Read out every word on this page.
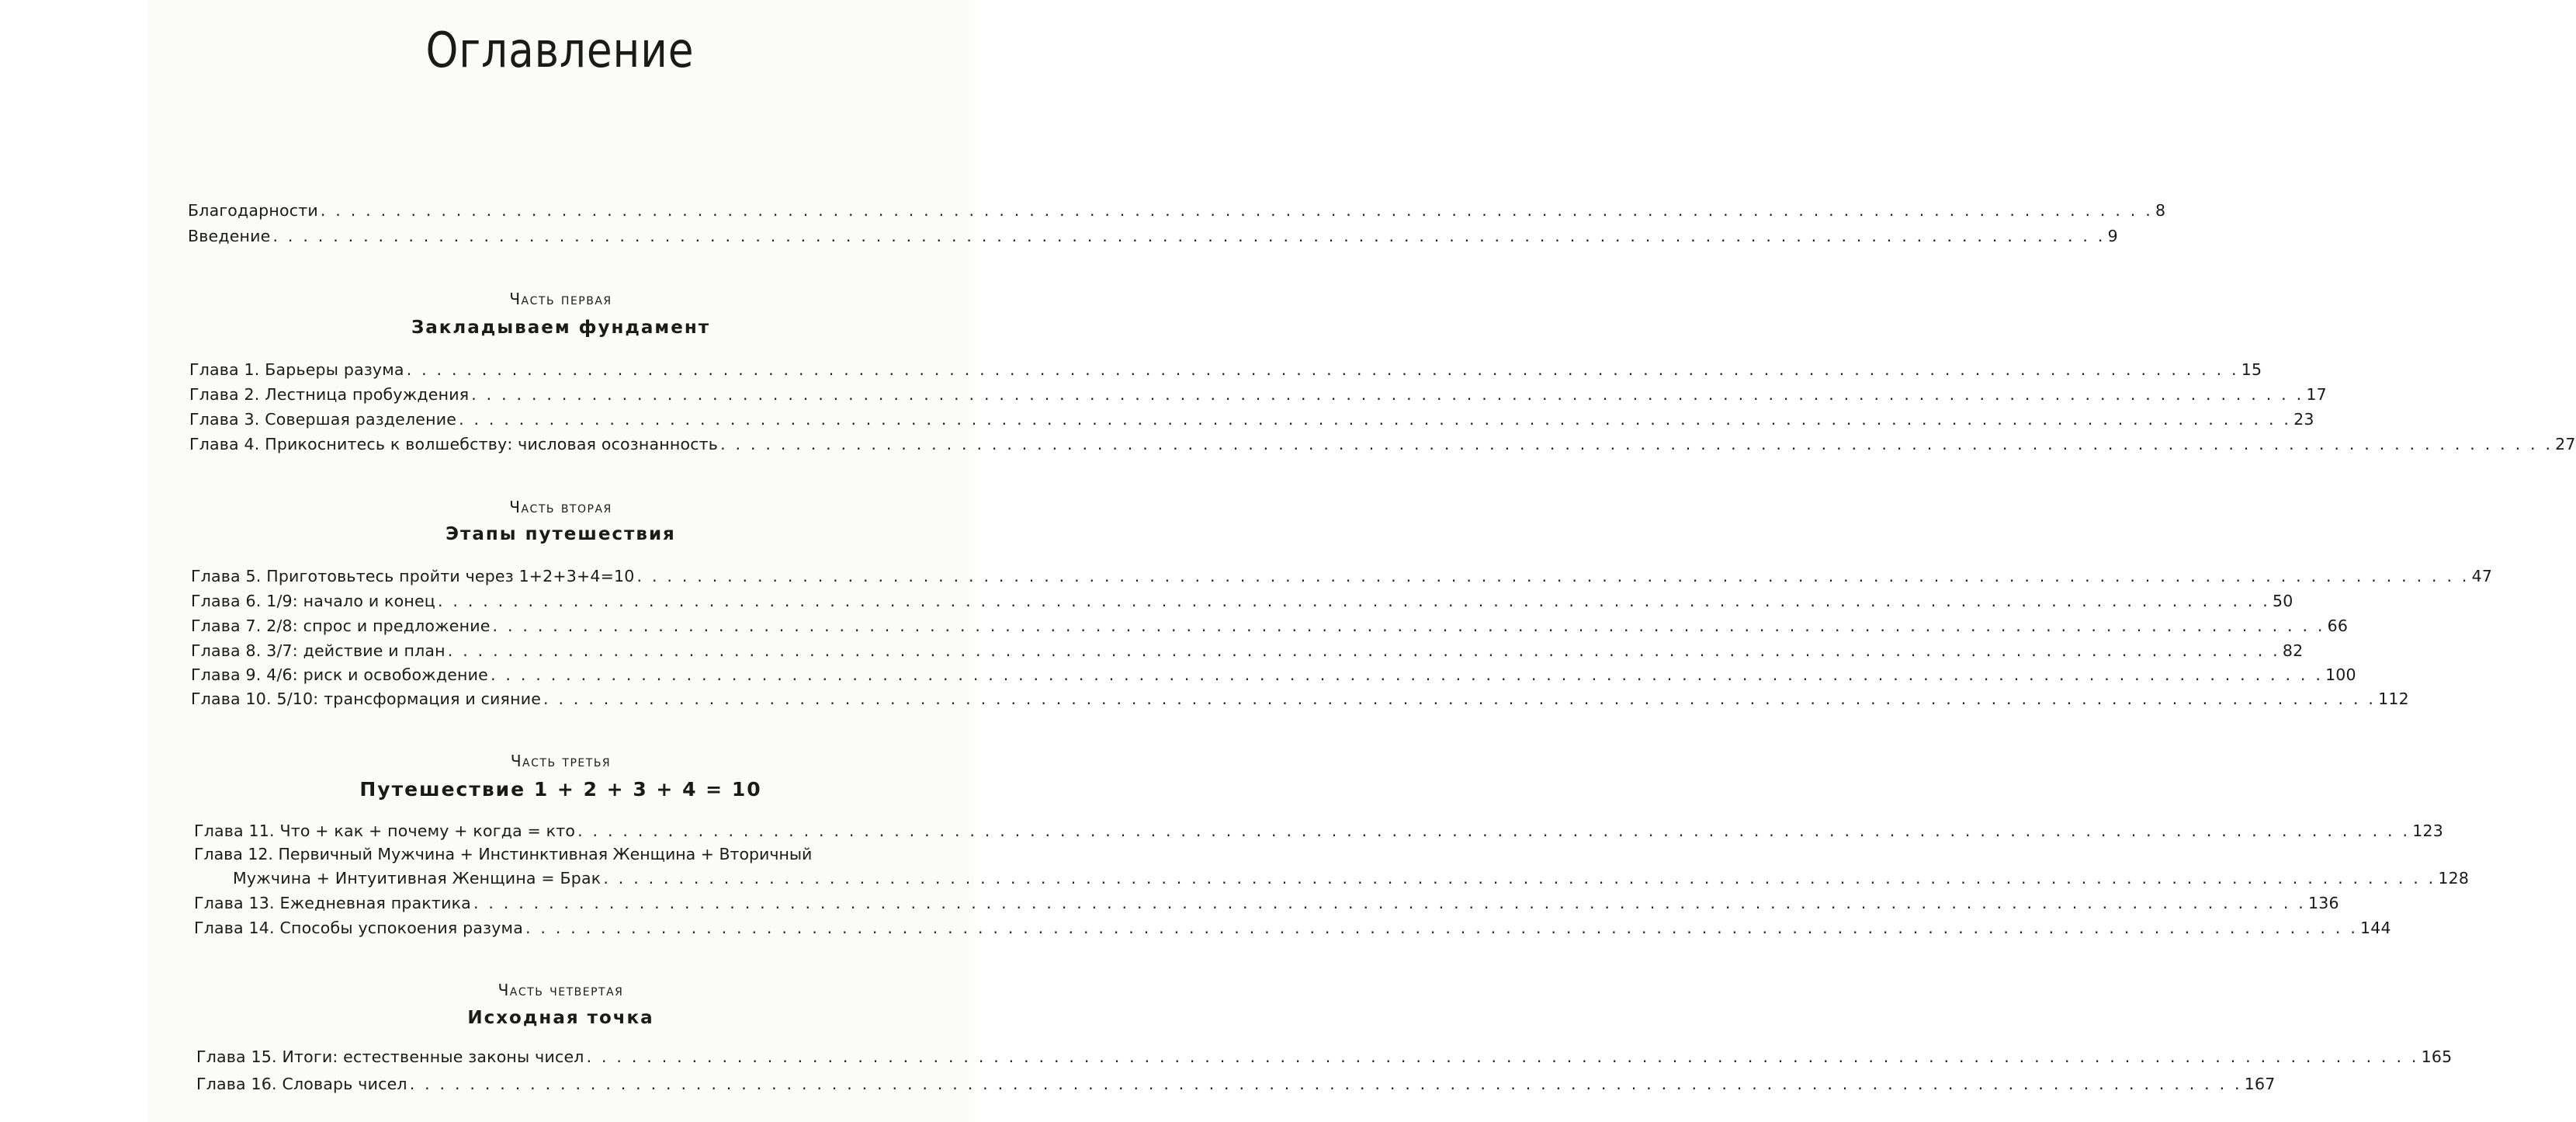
Оглавление
Благодарности . . . . . . . . . . . . . . . . . . . . . . . . . . . . . . . . . . . . . . . . . . . . . . . . . . . . . . . . . . . . . . . . . . . . . . . . . . . . . . . . . . . . . . . . . . . . . . . . . . . . . . . . . . . . . . . . . . . . . . . . . . 8
Введение . . . . . . . . . . . . . . . . . . . . . . . . . . . . . . . . . . . . . . . . . . . . . . . . . . . . . . . . . . . . . . . . . . . . . . . . . . . . . . . . . . . . . . . . . . . . . . . . . . . . . . . . . . . . . . . . . . . . . . . . . . 9
Часть первая
Закладываем фундамент
Глава 1. Барьеры разума . . . . . . . . . . . . . . . . . . . . . . . . . . . . . . . . . . . . . . . . . . . . . . . . . . . . . . . . . . . . . . . . . . . . . . . . . . . . . . . . . . . . . . . . . . . . . . . . . . . . . . . . . . . . . . . . . . . . . . . . . . 15
Глава 2. Лестница пробуждения . . . . . . . . . . . . . . . . . . . . . . . . . . . . . . . . . . . . . . . . . . . . . . . . . . . . . . . . . . . . . . . . . . . . . . . . . . . . . . . . . . . . . . . . . . . . . . . . . . . . . . . . . . . . . . . . . . . . . . . . . . 17
Глава 3. Совершая разделение . . . . . . . . . . . . . . . . . . . . . . . . . . . . . . . . . . . . . . . . . . . . . . . . . . . . . . . . . . . . . . . . . . . . . . . . . . . . . . . . . . . . . . . . . . . . . . . . . . . . . . . . . . . . . . . . . . . . . . . . . . 23
Глава 4. Прикоснитесь к волшебству: числовая осознанность . . . . . . . . . . . . . . . . . . . . . . . . . . . . . . . . . . . . . . . . . . . . . . . . . . . . . . . . . . . . . . . . . . . . . . . . . . . . . . . . . . . . . . . . . . . . . . . . . . . . . . . . . . . . . . . . . . . . . . . . . . 27
Часть вторая
Этапы путешествия
Глава 5. Приготовьтесь пройти через 1+2+3+4=10 . . . . . . . . . . . . . . . . . . . . . . . . . . . . . . . . . . . . . . . . . . . . . . . . . . . . . . . . . . . . . . . . . . . . . . . . . . . . . . . . . . . . . . . . . . . . . . . . . . . . . . . . . . . . . . . . . . . . . . . . . . 47
Глава 6. 1/9: начало и конец . . . . . . . . . . . . . . . . . . . . . . . . . . . . . . . . . . . . . . . . . . . . . . . . . . . . . . . . . . . . . . . . . . . . . . . . . . . . . . . . . . . . . . . . . . . . . . . . . . . . . . . . . . . . . . . . . . . . . . . . . . 50
Глава 7. 2/8: спрос и предложение . . . . . . . . . . . . . . . . . . . . . . . . . . . . . . . . . . . . . . . . . . . . . . . . . . . . . . . . . . . . . . . . . . . . . . . . . . . . . . . . . . . . . . . . . . . . . . . . . . . . . . . . . . . . . . . . . . . . . . . . . . 66
Глава 8. 3/7: действие и план . . . . . . . . . . . . . . . . . . . . . . . . . . . . . . . . . . . . . . . . . . . . . . . . . . . . . . . . . . . . . . . . . . . . . . . . . . . . . . . . . . . . . . . . . . . . . . . . . . . . . . . . . . . . . . . . . . . . . . . . . . 82
Глава 9. 4/6: риск и освобождение . . . . . . . . . . . . . . . . . . . . . . . . . . . . . . . . . . . . . . . . . . . . . . . . . . . . . . . . . . . . . . . . . . . . . . . . . . . . . . . . . . . . . . . . . . . . . . . . . . . . . . . . . . . . . . . . . . . . . . . . . . 100
Глава 10. 5/10: трансформация и сияние . . . . . . . . . . . . . . . . . . . . . . . . . . . . . . . . . . . . . . . . . . . . . . . . . . . . . . . . . . . . . . . . . . . . . . . . . . . . . . . . . . . . . . . . . . . . . . . . . . . . . . . . . . . . . . . . . . . . . . . . . . 112
Часть третья
Путешествие 1 + 2 + 3 + 4 = 10
Глава 11. Что + как + почему + когда = кто . . . . . . . . . . . . . . . . . . . . . . . . . . . . . . . . . . . . . . . . . . . . . . . . . . . . . . . . . . . . . . . . . . . . . . . . . . . . . . . . . . . . . . . . . . . . . . . . . . . . . . . . . . . . . . . . . . . . . . . . . . 123
Глава 12. Первичный Мужчина + Инстинктивная Женщина + Вторичный
Мужчина + Интуитивная Женщина = Брак . . . . . . . . . . . . . . . . . . . . . . . . . . . . . . . . . . . . . . . . . . . . . . . . . . . . . . . . . . . . . . . . . . . . . . . . . . . . . . . . . . . . . . . . . . . . . . . . . . . . . . . . . . . . . . . . . . . . . . . . . . 128
Глава 13. Ежедневная практика . . . . . . . . . . . . . . . . . . . . . . . . . . . . . . . . . . . . . . . . . . . . . . . . . . . . . . . . . . . . . . . . . . . . . . . . . . . . . . . . . . . . . . . . . . . . . . . . . . . . . . . . . . . . . . . . . . . . . . . . . . 136
Глава 14. Способы успокоения разума . . . . . . . . . . . . . . . . . . . . . . . . . . . . . . . . . . . . . . . . . . . . . . . . . . . . . . . . . . . . . . . . . . . . . . . . . . . . . . . . . . . . . . . . . . . . . . . . . . . . . . . . . . . . . . . . . . . . . . . . . . 144
Часть четвертая
Исходная точка
Глава 15. Итоги: естественные законы чисел . . . . . . . . . . . . . . . . . . . . . . . . . . . . . . . . . . . . . . . . . . . . . . . . . . . . . . . . . . . . . . . . . . . . . . . . . . . . . . . . . . . . . . . . . . . . . . . . . . . . . . . . . . . . . . . . . . . . . . . . . . 165
Глава 16. Словарь чисел . . . . . . . . . . . . . . . . . . . . . . . . . . . . . . . . . . . . . . . . . . . . . . . . . . . . . . . . . . . . . . . . . . . . . . . . . . . . . . . . . . . . . . . . . . . . . . . . . . . . . . . . . . . . . . . . . . . . . . . . . . 167
